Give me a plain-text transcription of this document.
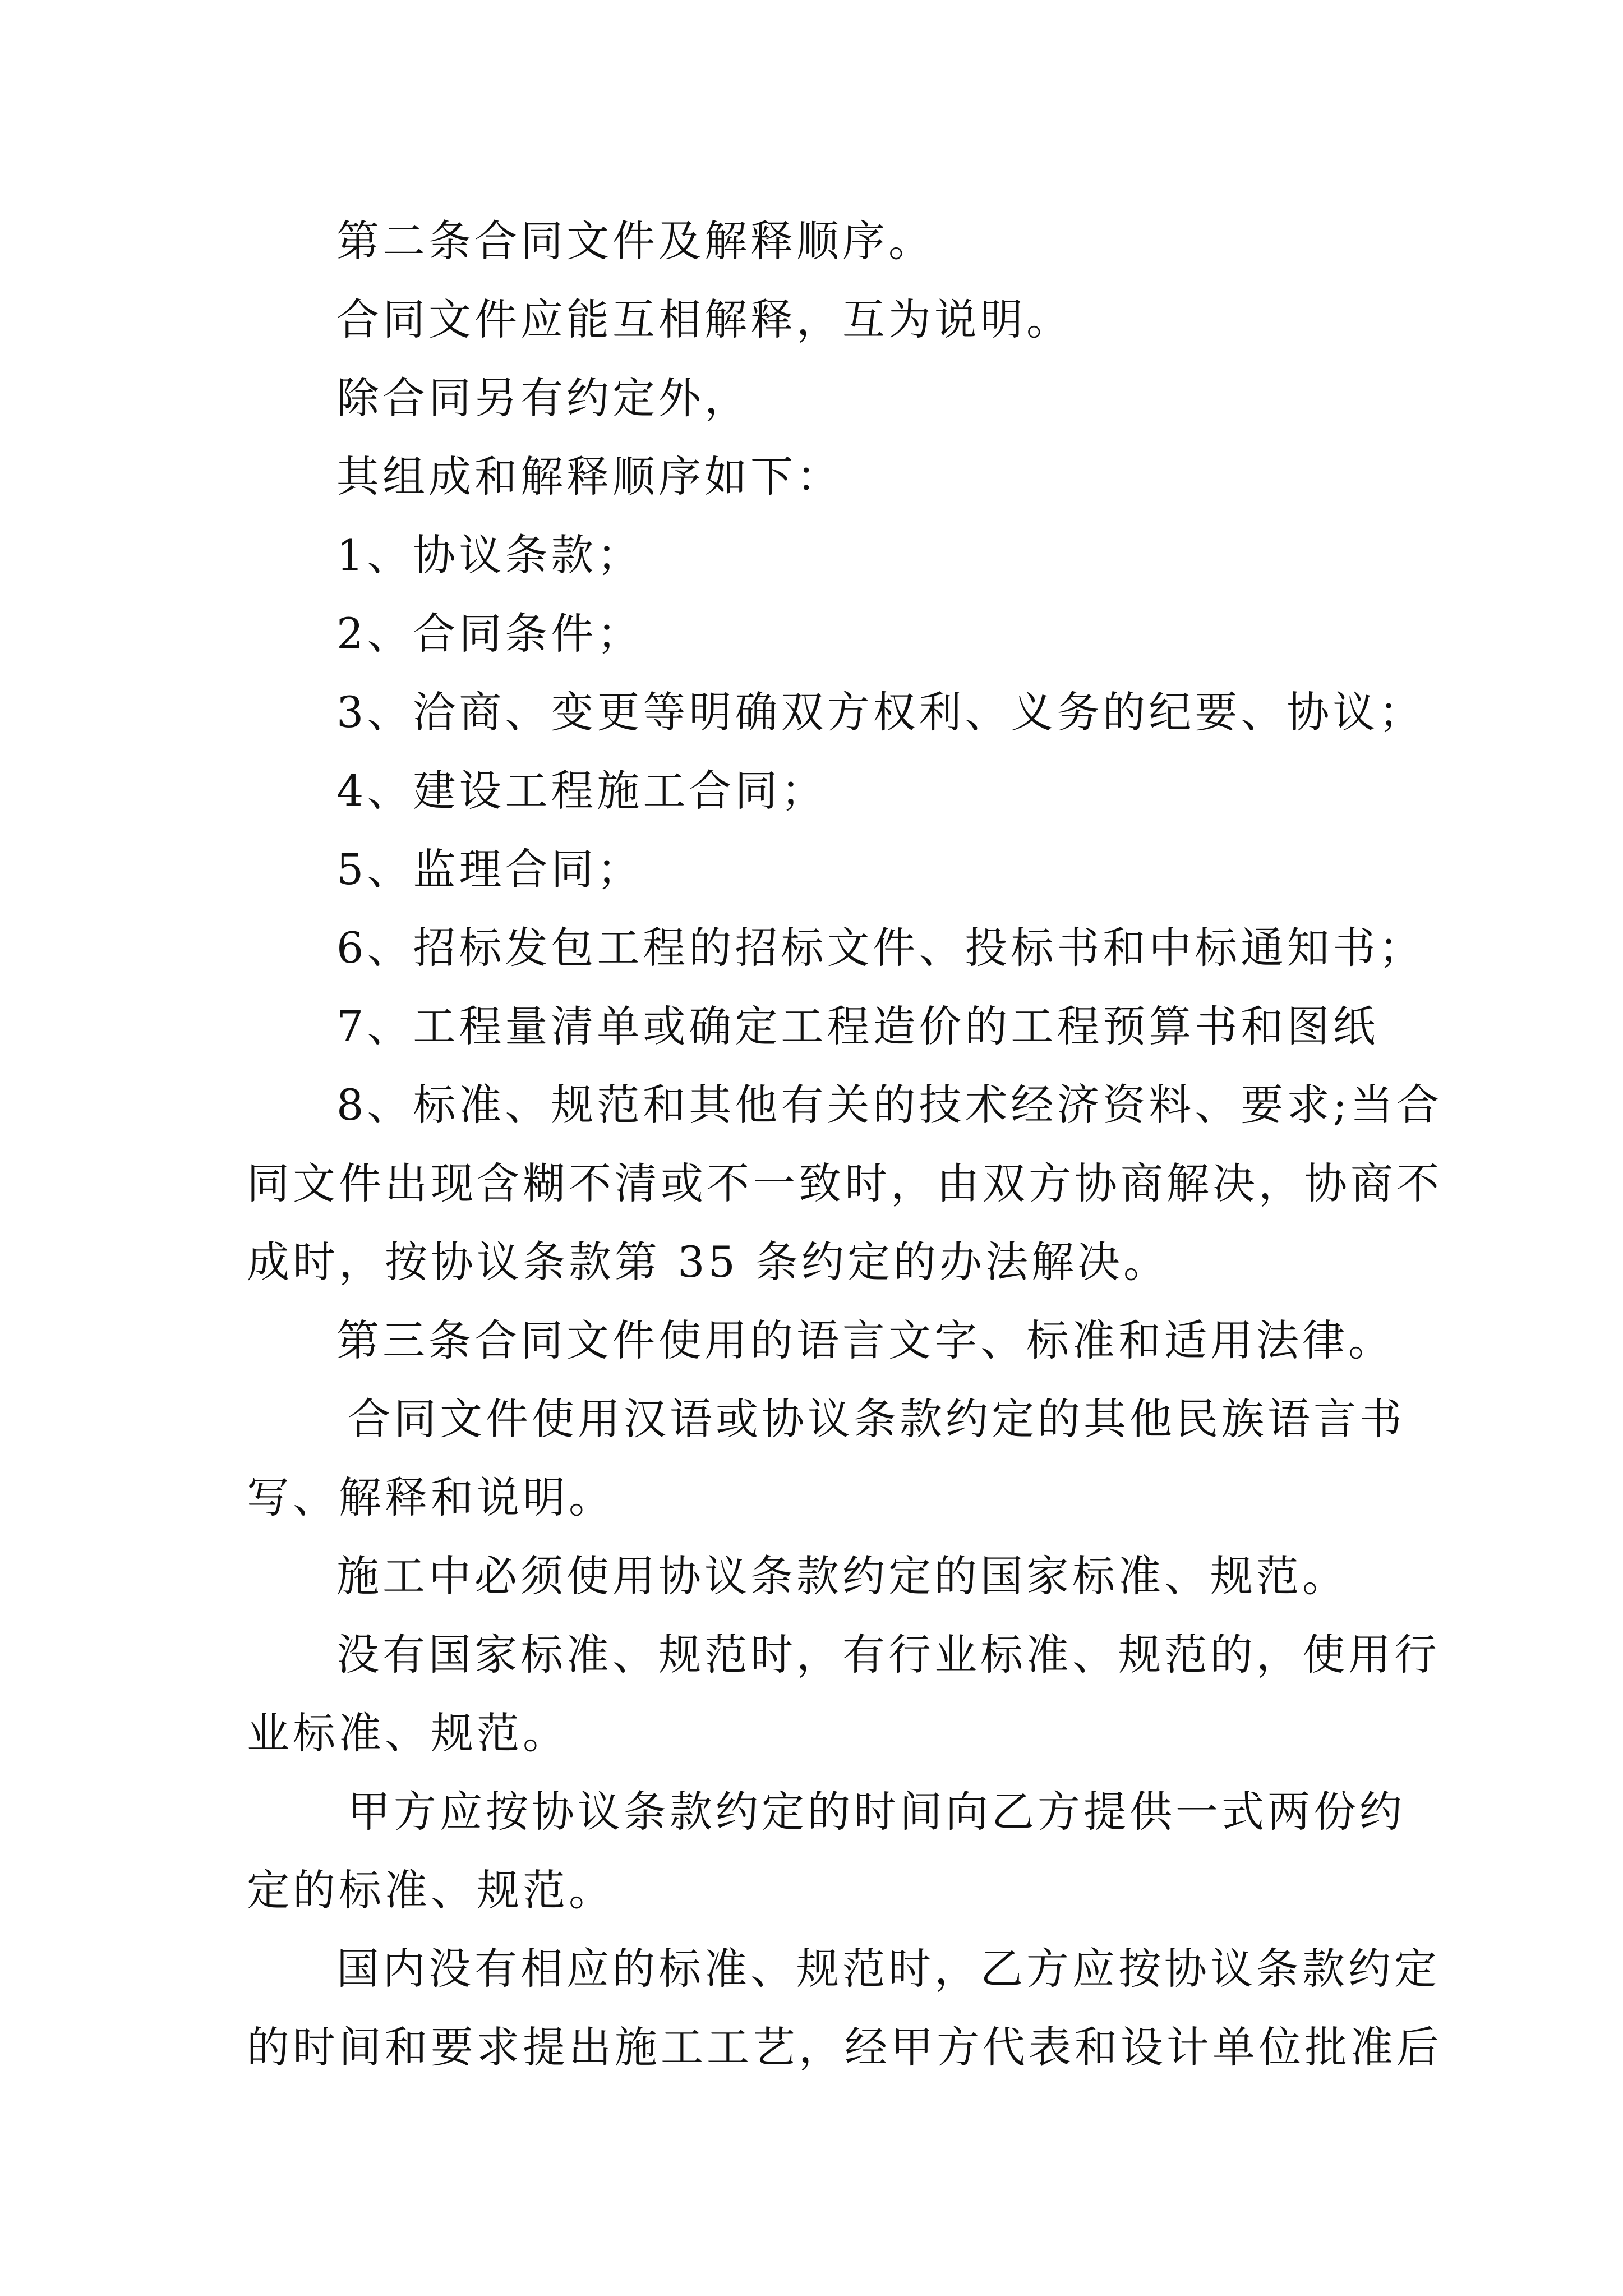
第二条合同文件及解释顺序。
合同文件应能互相解释，互为说明。
除合同另有约定外，
其组成和解释顺序如下：
1、协议条款；
2、合同条件；
3、洽商、变更等明确双方权利、义务的纪要、协议；
4、建设工程施工合同；
5、监理合同；
6、招标发包工程的招标文件、投标书和中标通知书；
7、工程量清单或确定工程造价的工程预算书和图纸
8、标准、规范和其他有关的技术经济资料、要求;当合
同文件出现含糊不清或不一致时，由双方协商解决，协商不
成时，按协议条款第 35 条约定的办法解决。
第三条合同文件使用的语言文字、标准和适用法律。
合同文件使用汉语或协议条款约定的其他民族语言书
写、解释和说明。
施工中必须使用协议条款约定的国家标准、规范。
没有国家标准、规范时，有行业标准、规范的，使用行
业标准、规范。
甲方应按协议条款约定的时间向乙方提供一式两份约
定的标准、规范。
国内没有相应的标准、规范时，乙方应按协议条款约定
的时间和要求提出施工工艺，经甲方代表和设计单位批准后
